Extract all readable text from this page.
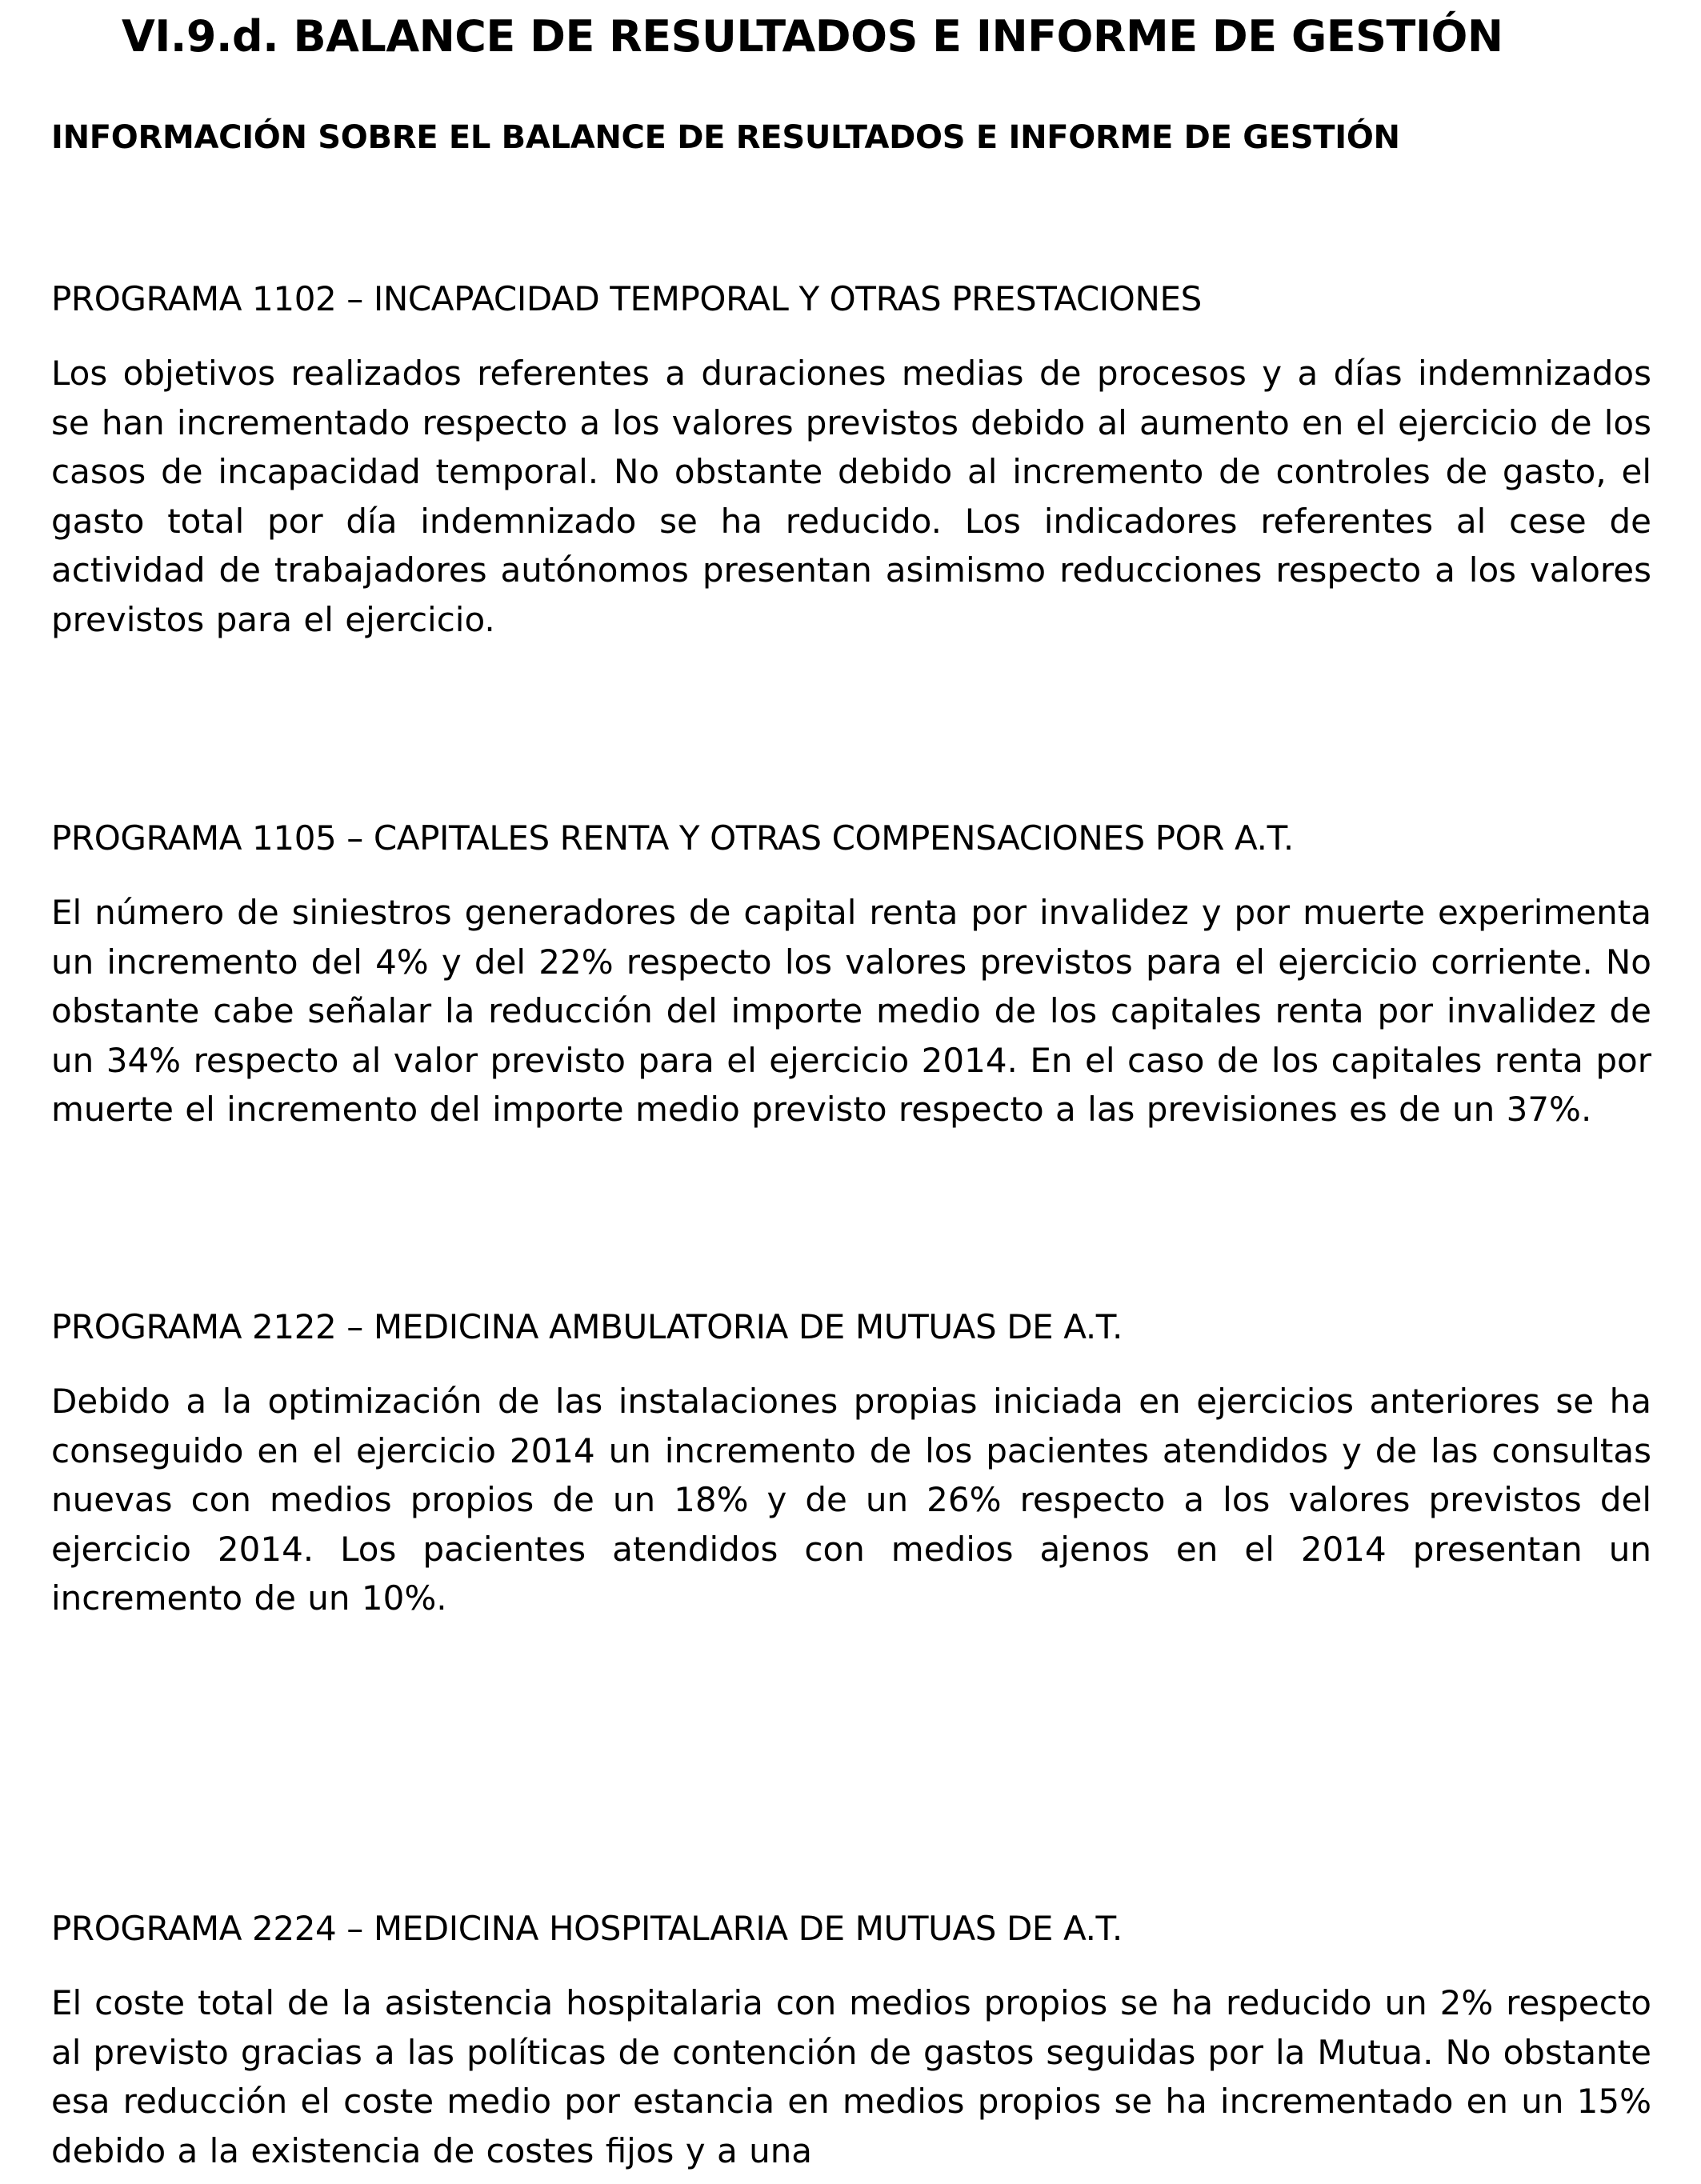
VI.9.d. BALANCE DE RESULTADOS E INFORME DE GESTIÓN
INFORMACIÓN SOBRE EL BALANCE DE RESULTADOS E INFORME DE GESTIÓN
PROGRAMA 1102 – INCAPACIDAD TEMPORAL Y OTRAS PRESTACIONES

Los objetivos realizados referentes a duraciones medias de procesos y a días indemnizados se han incrementado respecto a los valores previstos debido al aumento en el ejercicio de los casos de incapacidad temporal. No obstante debido al incremento de controles de gasto, el gasto total por día indemnizado se ha reducido. Los indicadores referentes al cese de actividad de trabajadores autónomos presentan asimismo reducciones respecto a los valores previstos para el ejercicio.

PROGRAMA 1105 – CAPITALES RENTA Y OTRAS COMPENSACIONES POR A.T.

El número de siniestros generadores de capital renta por invalidez y por muerte experimenta un incremento del 4% y del 22% respecto los valores previstos para el ejercicio corriente. No obstante cabe señalar la reducción del importe medio de los capitales renta por invalidez de un 34% respecto al valor previsto para el ejercicio 2014. En el caso de los capitales renta por muerte el incremento del importe medio previsto respecto a las previsiones es de un 37%.

PROGRAMA 2122 – MEDICINA AMBULATORIA DE MUTUAS DE A.T.

Debido a la optimización de las instalaciones propias iniciada en ejercicios anteriores se ha conseguido en el ejercicio 2014 un incremento de los pacientes atendidos y de las consultas nuevas con medios propios de un 18% y de un 26% respecto a los valores previstos del ejercicio 2014. Los pacientes atendidos con medios ajenos en el 2014 presentan un incremento de un 10%.

PROGRAMA 2224 – MEDICINA HOSPITALARIA DE MUTUAS DE A.T.

El coste total de la asistencia hospitalaria con medios propios se ha reducido un 2% respecto al previsto gracias a las políticas de contención de gastos seguidas por la Mutua. No obstante esa reducción el coste medio por estancia en medios propios se ha incrementado en un 15% debido a la existencia de costes fijos y a una
